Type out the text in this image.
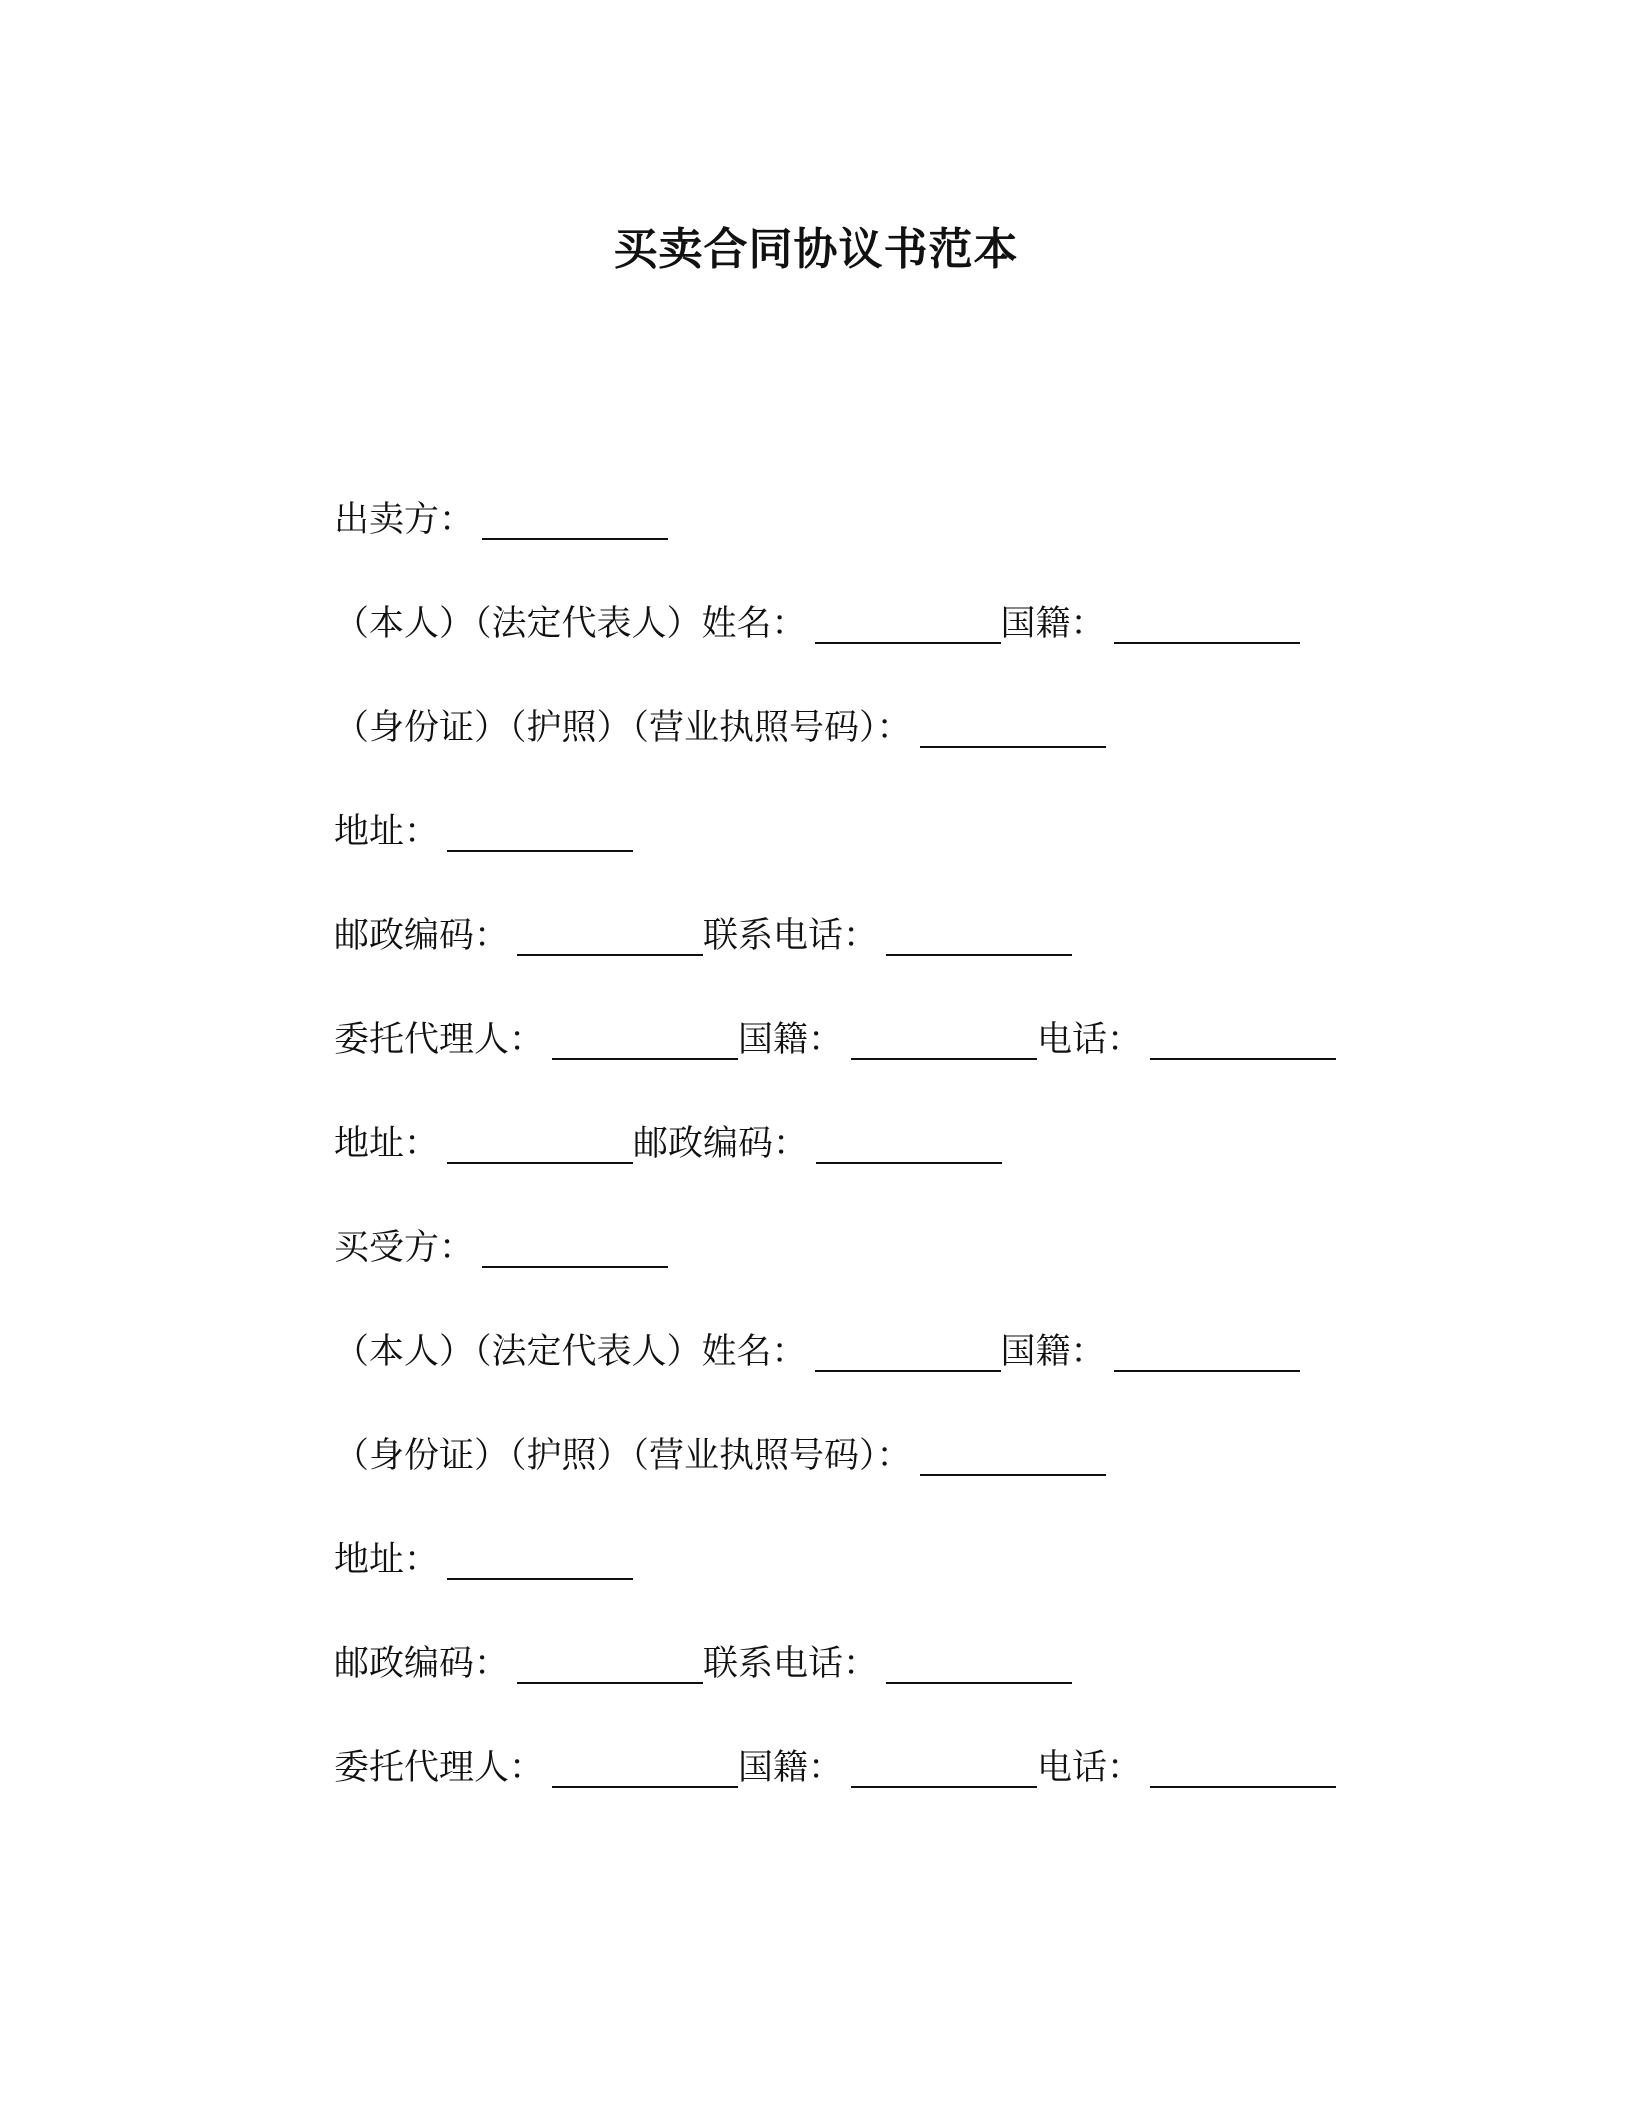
买卖合同协议书范本
出卖方：
（本人）（法定代表人）姓名：	国籍：
（身份证）（护照）（营业执照号码）：
地址：
邮政编码：	联系电话：
委托代理人：	国籍：	电话：
地址：	邮政编码：
买受方：
（本人）（法定代表人）姓名：	国籍：
（身份证）（护照）（营业执照号码）：
地址：
邮政编码：	联系电话：
委托代理人：	国籍：	电话：
